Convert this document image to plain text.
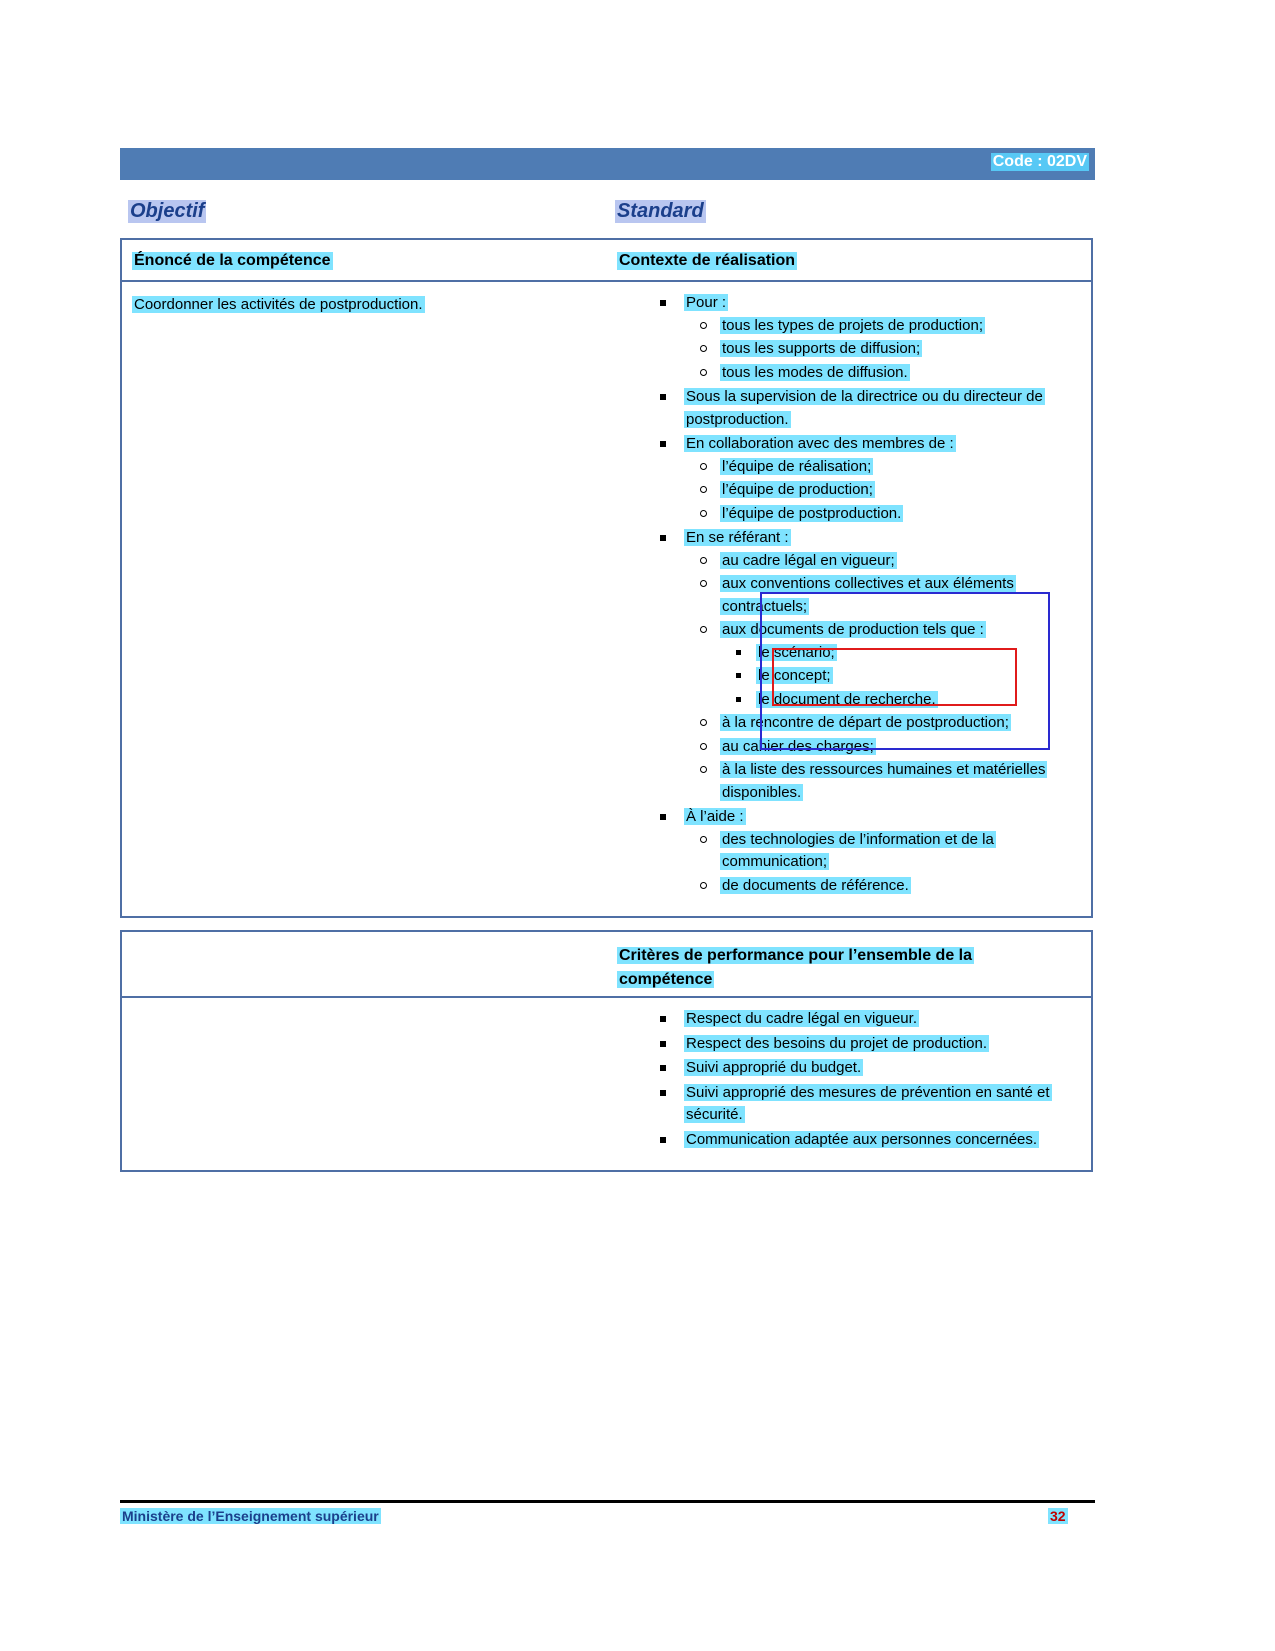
Code : 02DV
Objectif	Standard
Énoncé de la compétence	Contexte de réalisation
Coordonner les activités de postproduction.	Pour :
tous les types de projets de production;
tous les supports de diffusion;
tous les modes de diffusion.
Sous la supervision de la directrice ou du directeur de postproduction.
En collaboration avec des membres de :
l’équipe de réalisation;
l’équipe de production;
l’équipe de postproduction.
En se référant :
au cadre légal en vigueur;
aux conventions collectives et aux éléments contractuels;
aux documents de production tels que :
le scénario;
le concept;
le document de recherche.
à la rencontre de départ de postproduction;
au cahier des charges;
à la liste des ressources humaines et matérielles disponibles.
À l’aide :
des technologies de l’information et de la communication;
de documents de référence.
Critères de performance pour l’ensemble de la compétence
Respect du cadre légal en vigueur.
Respect des besoins du projet de production.
Suivi approprié du budget.
Suivi approprié des mesures de prévention en santé et sécurité.
Communication adaptée aux personnes concernées.
Ministère de l’Enseignement supérieur	32
